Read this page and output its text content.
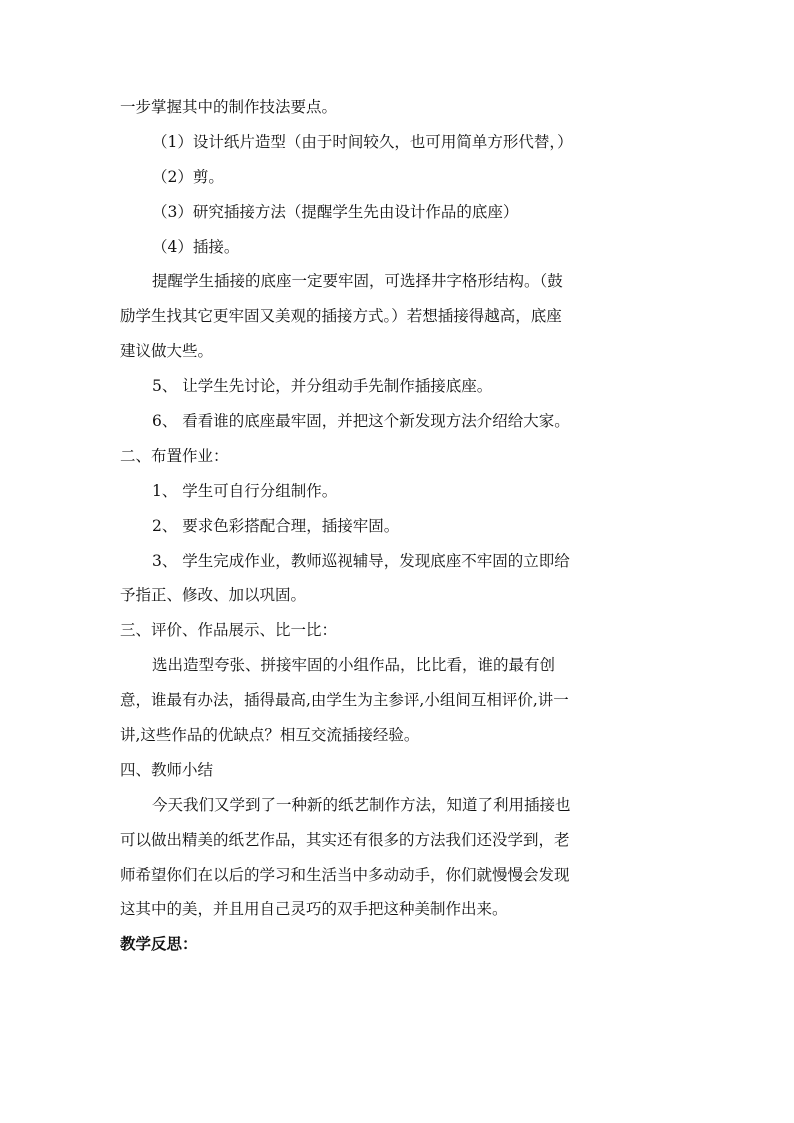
一步掌握其中的制作技法要点。
（1）设计纸片造型（由于时间较久，也可用简单方形代替，）
（2）剪。
（3）研究插接方法（提醒学生先由设计作品的底座）
（4）插接。
提醒学生插接的底座一定要牢固，可选择井字格形结构。（鼓
励学生找其它更牢固又美观的插接方式。）若想插接得越高，底座
建议做大些。
5、 让学生先讨论，并分组动手先制作插接底座。
6、 看看谁的底座最牢固，并把这个新发现方法介绍给大家。
二、布置作业：
1、 学生可自行分组制作。
2、 要求色彩搭配合理，插接牢固。
3、 学生完成作业，教师巡视辅导，发现底座不牢固的立即给
予指正、修改、加以巩固。
三、评价、作品展示、比一比：
选出造型夸张、拼接牢固的小组作品，比比看，谁的最有创
意，谁最有办法，插得最高,由学生为主参评,小组间互相评价,讲一
讲,这些作品的优缺点？相互交流插接经验。
四、教师小结
今天我们又学到了一种新的纸艺制作方法，知道了利用插接也
可以做出精美的纸艺作品，其实还有很多的方法我们还没学到，老
师希望你们在以后的学习和生活当中多动动手，你们就慢慢会发现
这其中的美，并且用自己灵巧的双手把这种美制作出来。
教学反思：
